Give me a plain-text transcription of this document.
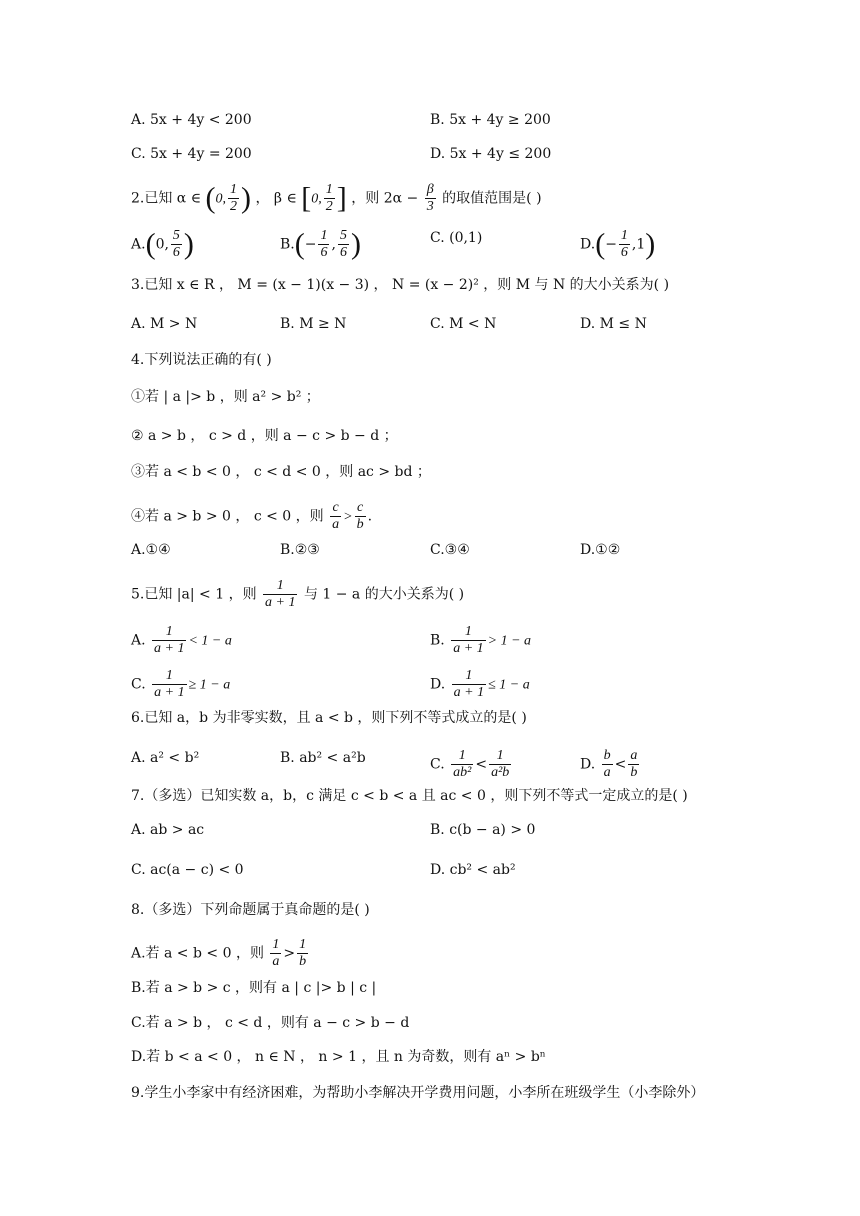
A. 5x + 4y < 200	B. 5x + 4y ≥ 200
C. 5x + 4y = 200	D. 5x + 4y ≤ 200
2.已知 α ∈ (0, $\frac{1}{2}$ ) ， β ∈ [0, $\frac{1}{2}$ ] ，则 $2\alpha - \frac{\beta}{3}$ 的取值范围是( )
A.(0, $\frac{5}{6}$ )	$B.(- \frac{1}{6}$ , $\frac{5}{6}$ )	C. (0,1)	$D.(- \frac{1}{6} ,1)$
3.已知 x ∈ R ， M = (x − 1)(x − 3) ， N = (x − 2)² ，则 M 与 N 的大小关系为( )
A. M > N	B. M ≥ N	C. M < N	D. M ≤ N
4.下列说法正确的有( )
①若 | a |> b ，则 a² > b² ；
② a > b ， c > d ，则 a − c > b − d ；
③若 a < b < 0 ， c < d < 0 ，则 ac > bd ；
④若 a > b > 0 ， c < 0 ，则 $\frac{c}{a} > \frac{c}{b}$ .
A.①④	B.②③	C.③④	D.①②
5.已知 |a| < 1 ，则 $\frac{1}{a + 1}$ 与 1 − a 的大小关系为( )
A. $\frac{1}{a + 1} < 1 - a$	B. $\frac{1}{a + 1} > 1 - a$
C. $\frac{1}{a + 1} \ge 1 - a$	D. $\frac{1}{a + 1} \le 1 - a$
6.已知 a，b 为非零实数，且 a < b ，则下列不等式成立的是( )
A. a² < b²	B. ab² < a²b	C. $\frac{1}{\text{ab²}} < \frac{1}{\text{a²b}}$	D. $\frac{b}{a} < \frac{a}{b}$
7.（多选）已知实数 a，b，c 满足 c < b < a 且 ac < 0 ，则下列不等式一定成立的是( )
A. ab > ac	B. c(b − a) > 0
C. ac(a − c) < 0	D. cb² < ab²
8.（多选）下列命题属于真命题的是( )
A.若 a < b < 0 ，则 $\frac{1}{a} > \frac{1}{b}$
B.若 a > b > c ，则有 a | c |> b | c |
C.若 a > b ， c < d ，则有 a − c > b − d
D.若 b < a < 0 ， n ∈ N ， n > 1 ，且 n 为奇数，则有 aⁿ > bⁿ
9.学生小李家中有经济困难，为帮助小李解决开学费用问题，小李所在班级学生（小李除外）
